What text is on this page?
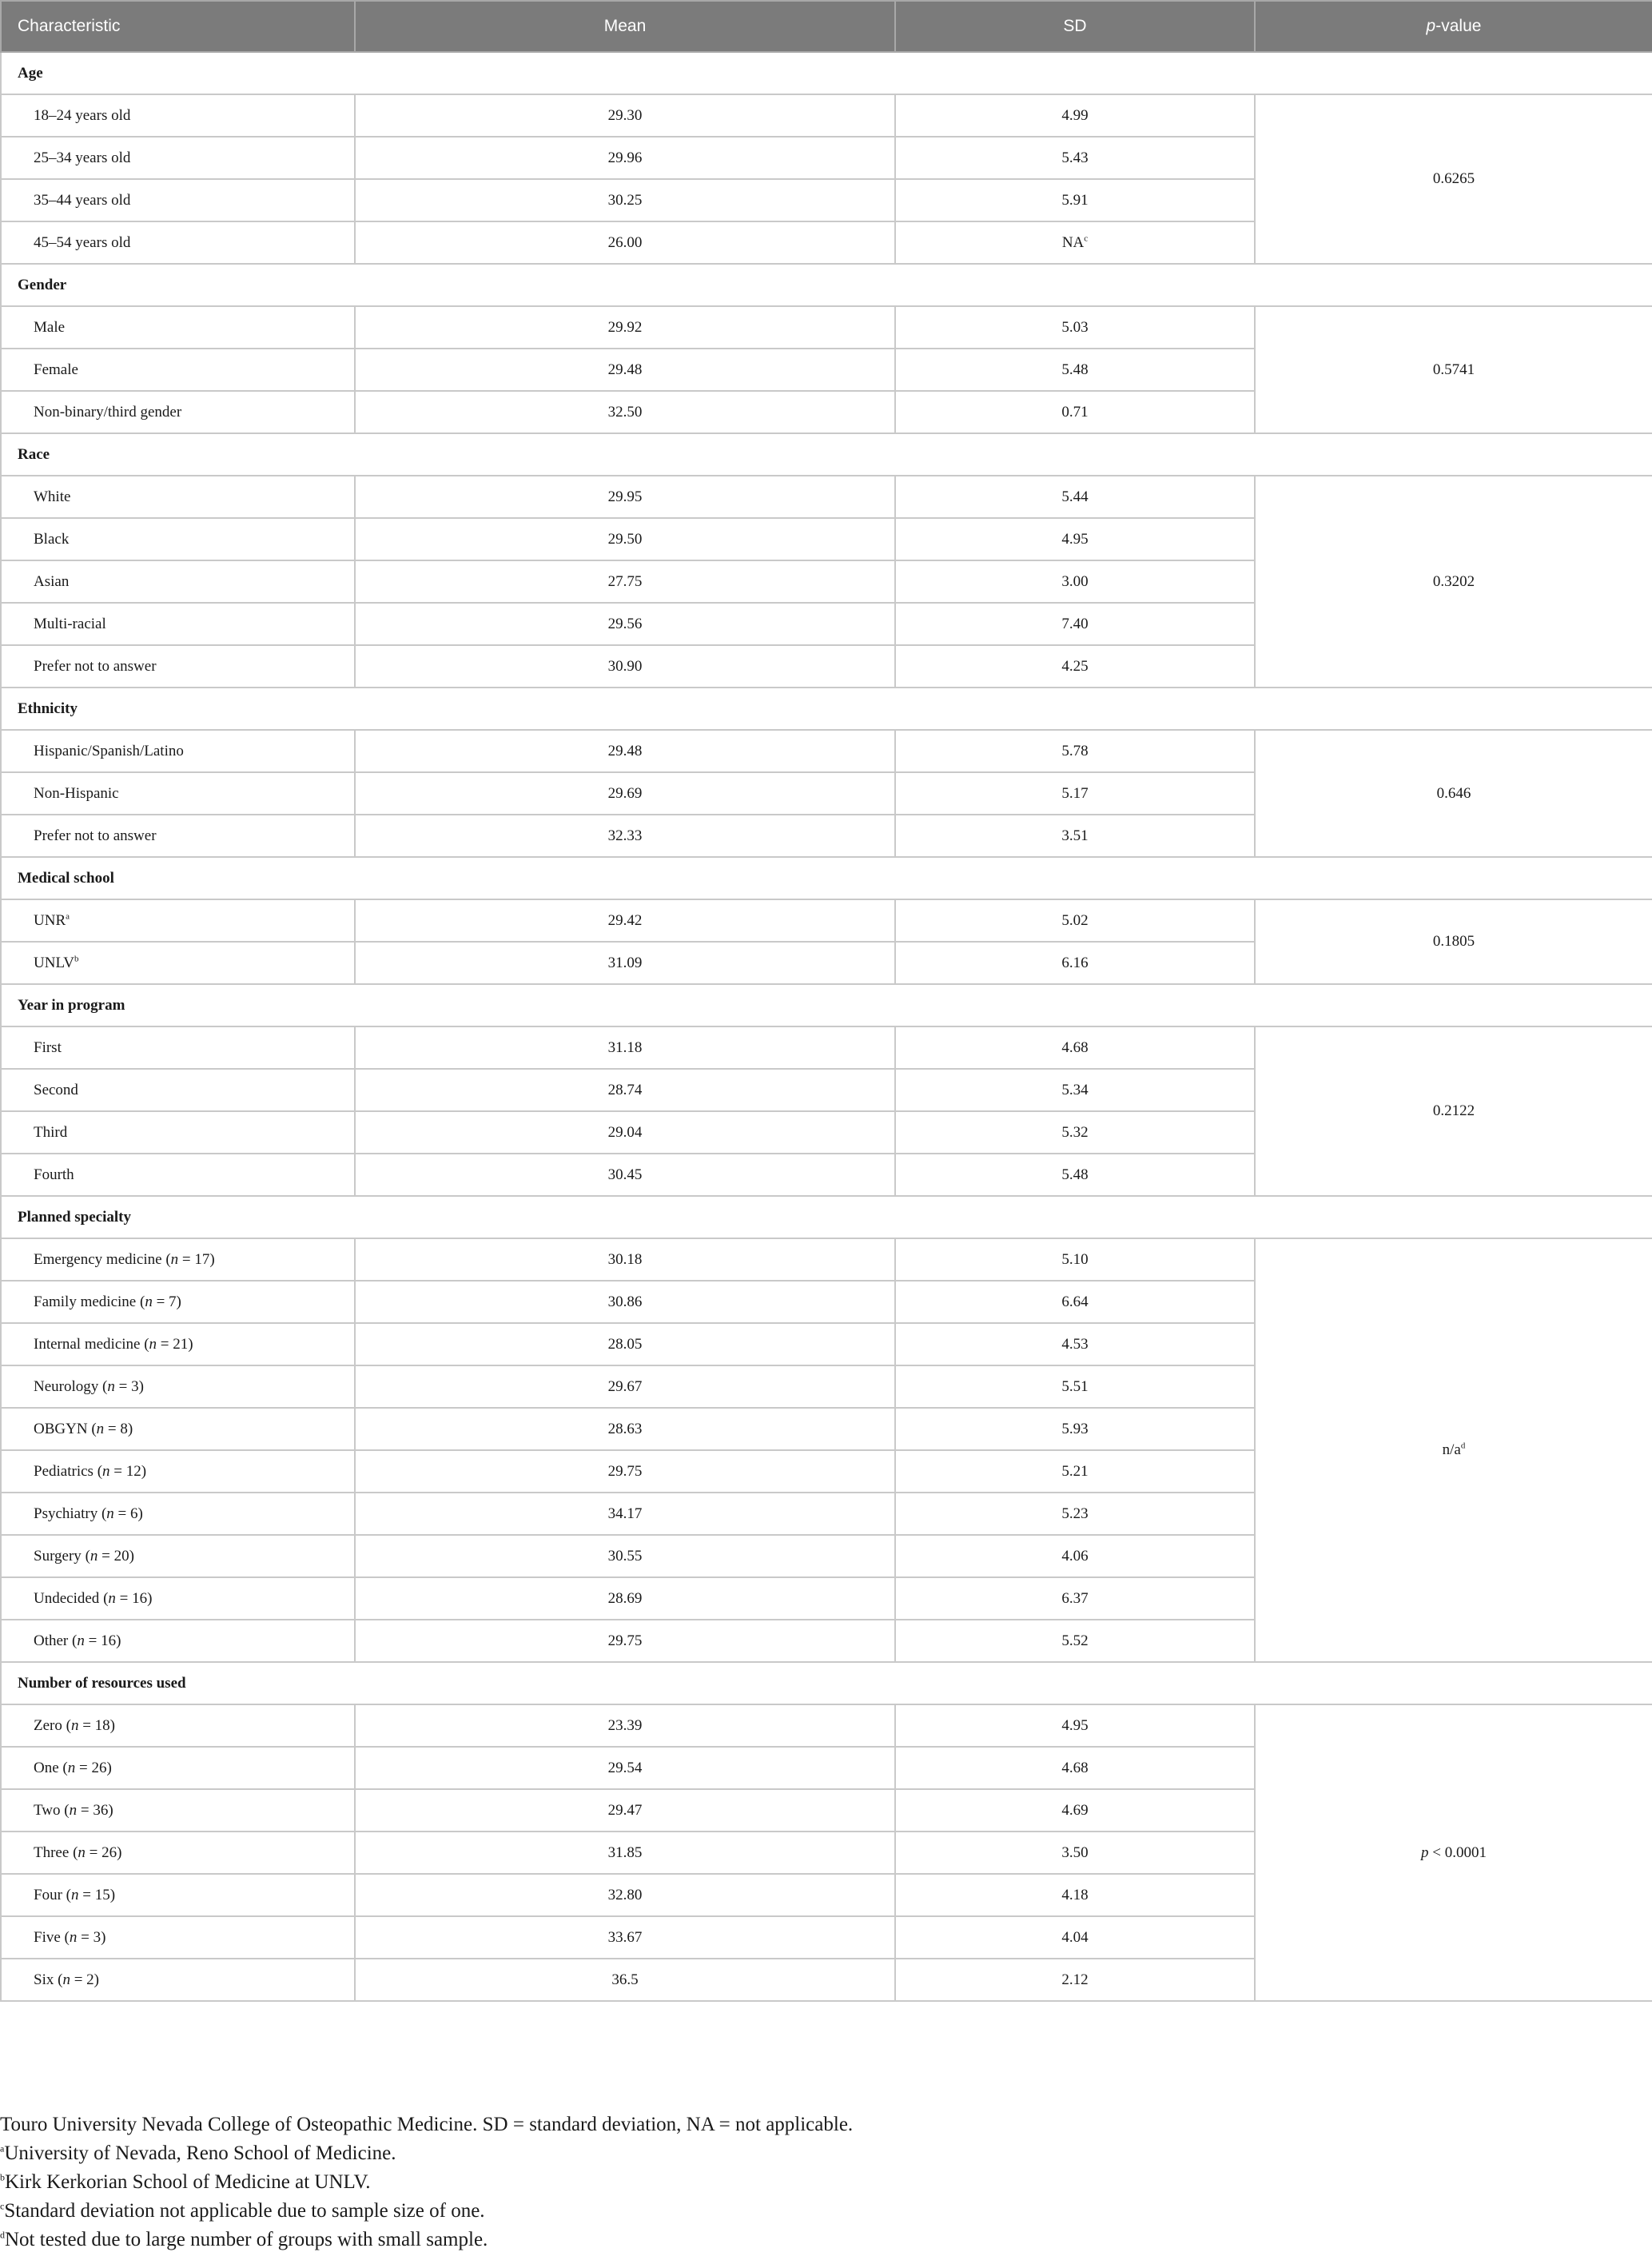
Characteristic	Mean	SD	p-value
Age			
18–24 years old	29.30	4.99	0.6265
25–34 years old	29.96	5.43	
35–44 years old	30.25	5.91	
45–54 years old	26.00	$NA^c$
Gender			
Male	29.92	5.03	0.5741
Female	29.48	5.48	
Non-binary/third gender	32.50	0.71	
Race			
White	29.95	5.44	0.3202
Black	29.50	4.95	
Asian	27.75	3.00	
Multi-racial	29.56	7.40	
Prefer not to answer	30.90	4.25	
Ethnicity			
Hispanic/Spanish/Latino	29.48	5.78	0.646
Non-Hispanic	29.69	5.17	
Prefer not to answer	32.33	3.51	
Medical school			
UNR$^a$	29.42	5.02	0.1805
UNLV$^b$	31.09	6.16	
Year in program			
First	31.18	4.68	0.2122
Second	28.74	5.34	
Third	29.04	5.32	
Fourth	30.45	5.48	
Planned specialty			
Emergency medicine (n = 17)	30.18	5.10	$n/a^d$
Family medicine (n = 7)	30.86	6.64	
Internal medicine (n = 21)	28.05	4.53	
Neurology (n = 3)	29.67	5.51	
OBGYN (n = 8)	28.63	5.93	
Pediatrics (n = 12)	29.75	5.21	
Psychiatry (n = 6)	34.17	5.23	
Surgery (n = 20)	30.55	4.06	
Undecided (n = 16)	28.69	6.37	
Other (n = 16)	29.75	5.52	
Number of resources used			
Zero (n = 18)	23.39	4.95	p < 0.0001
One (n = 26)	29.54	4.68	
Two (n = 36)	29.47	4.69	
Three (n = 26)	31.85	3.50	
Four (n = 15)	32.80	4.18	
Five (n = 3)	33.67	4.04	
Six (n = 2)	36.5	2.12	

Touro University Nevada College of Osteopathic Medicine. SD = standard deviation, NA = not applicable.

$^a$University of Nevada, Reno School of Medicine.

$^b$Kirk Kerkorian School of Medicine at UNLV.

$^c$Standard deviation not applicable due to sample size of one.

$^d$Not tested due to large number of groups with small sample.
